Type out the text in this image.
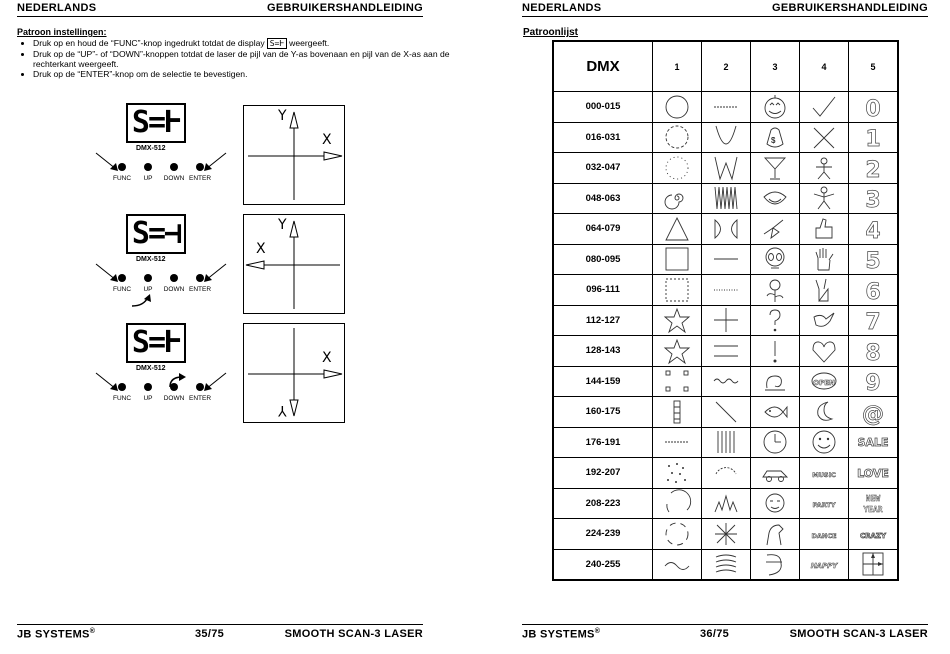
NEDERLANDS	GEBRUIKERSHANDLEIDING
Patroon instellingen:
• Druk op en houd de “FUNC”-knop ingedrukt totdat de display S=Ⱶ weergeeft.
• Druk op de “UP”- of “DOWN”-knoppen totdat de laser de pijl van de Y-as bovenaan en pijl van de X-as aan de rechterkant weergeeft.
• Druk op de “ENTER”-knop om de selectie te bevestigen.
S=Ⱶ
DMX-512
FUNC	UP	DOWN ENTER
S=⊣
DMX-512
FUNC	UP	DOWN ENTER
S=Ⱶ
DMX-512
FUNC	UP	DOWN ENTER
Y
X
Y
X
Y
X
JB SYSTEMS®	35/75	SMOOTH SCAN-3 LASER
NEDERLANDS	GEBRUIKERSHANDLEIDING
Patroonlijst
JB SYSTEMS®	36/75	SMOOTH SCAN-3 LASER
DMX	1	2	3	4	5
000-015					0

016-031			$		1

032-047					2

048-063					3

064-079					4

080-095					5

096-111					6

112-127					7

128-143					8

144-159				OPEN	9

160-175					@

176-191					SALE

192-207				MUSIC	LOVE

208-223				PARTY	NEW
YEAR

224-239				DANCE	CRAZY

240-255				HAPPY
